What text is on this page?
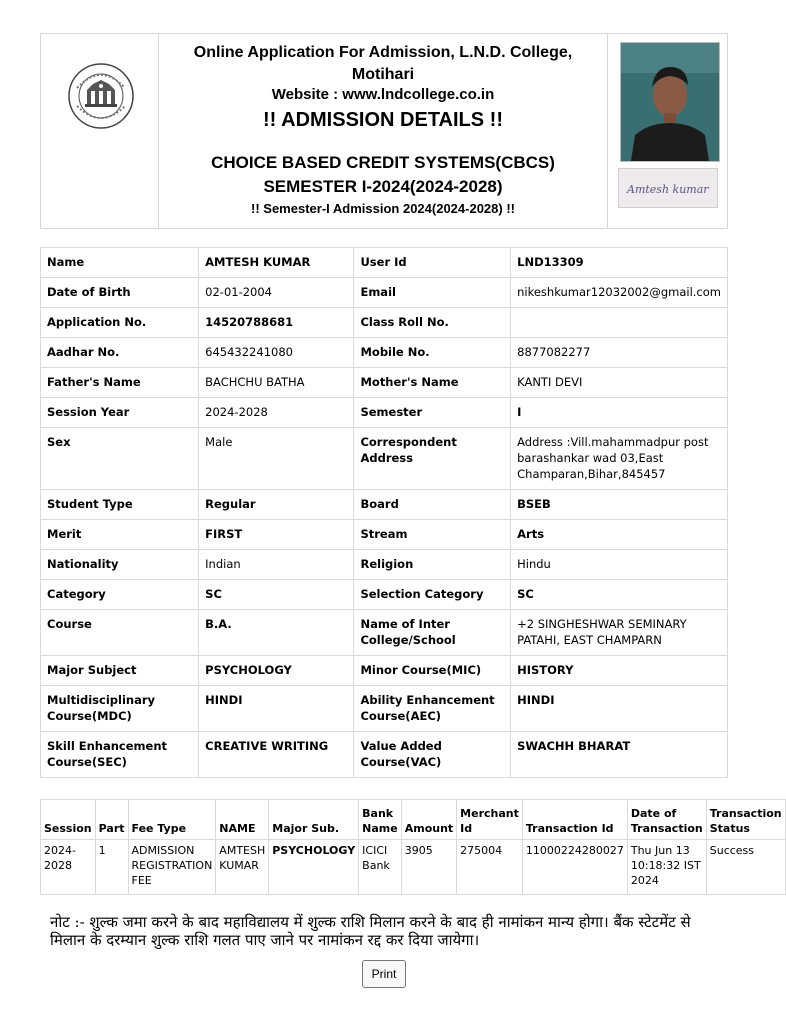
Online Application For Admission, L.N.D. College,
Motihari
Website : www.lndcollege.co.in
!! ADMISSION DETAILS !!
CHOICE BASED CREDIT SYSTEMS(CBCS)
SEMESTER I-2024(2024-2028)
!! Semester-I Admission 2024(2024-2028) !!
Amtesh kumar
Name	AMTESH KUMAR	User Id	LND13309
Date of Birth	02-01-2004	Email	nikeshkumar12032002@gmail.com
Application No.	14520788681	Class Roll No.	
Aadhar No.	645432241080	Mobile No.	8877082277
Father's Name	BACHCHU BATHA	Mother's Name	KANTI DEVI
Session Year	2024-2028	Semester	I
Sex	Male	Correspondent Address	Address :Vill.mahammadpur post barashankar wad 03,East Champaran,Bihar,845457
Student Type	Regular	Board	BSEB
Merit	FIRST	Stream	Arts
Nationality	Indian	Religion	Hindu
Category	SC	Selection Category	SC
Course	B.A.	Name of Inter College/School	+2 SINGHESHWAR SEMINARY PATAHI, EAST CHAMPARN
Major Subject	PSYCHOLOGY	Minor Course(MIC)	HISTORY
Multidisciplinary Course(MDC)	HINDI	Ability Enhancement Course(AEC)	HINDI
Skill Enhancement Course(SEC)	CREATIVE WRITING	Value Added Course(VAC)	SWACHH BHARAT
Session	Part	Fee Type	NAME	Major Sub.	Bank Name	Amount	Merchant Id	Transaction Id	Date of Transaction	Transaction Status
2024-2028	1	ADMISSION REGISTRATION FEE	AMTESH KUMAR	PSYCHOLOGY	ICICI Bank	3905	275004	11000224280027	Thu Jun 13 10:18:32 IST 2024	Success
नोट :- शुल्क जमा करने के बाद महाविद्यालय में शुल्क राशि मिलान करने के बाद ही नामांकन मान्य होगा। बैंक स्टेटमेंट से मिलान के दरम्यान शुल्क राशि गलत पाए जाने पर नामांकन रद्द कर दिया जायेगा।
Print
